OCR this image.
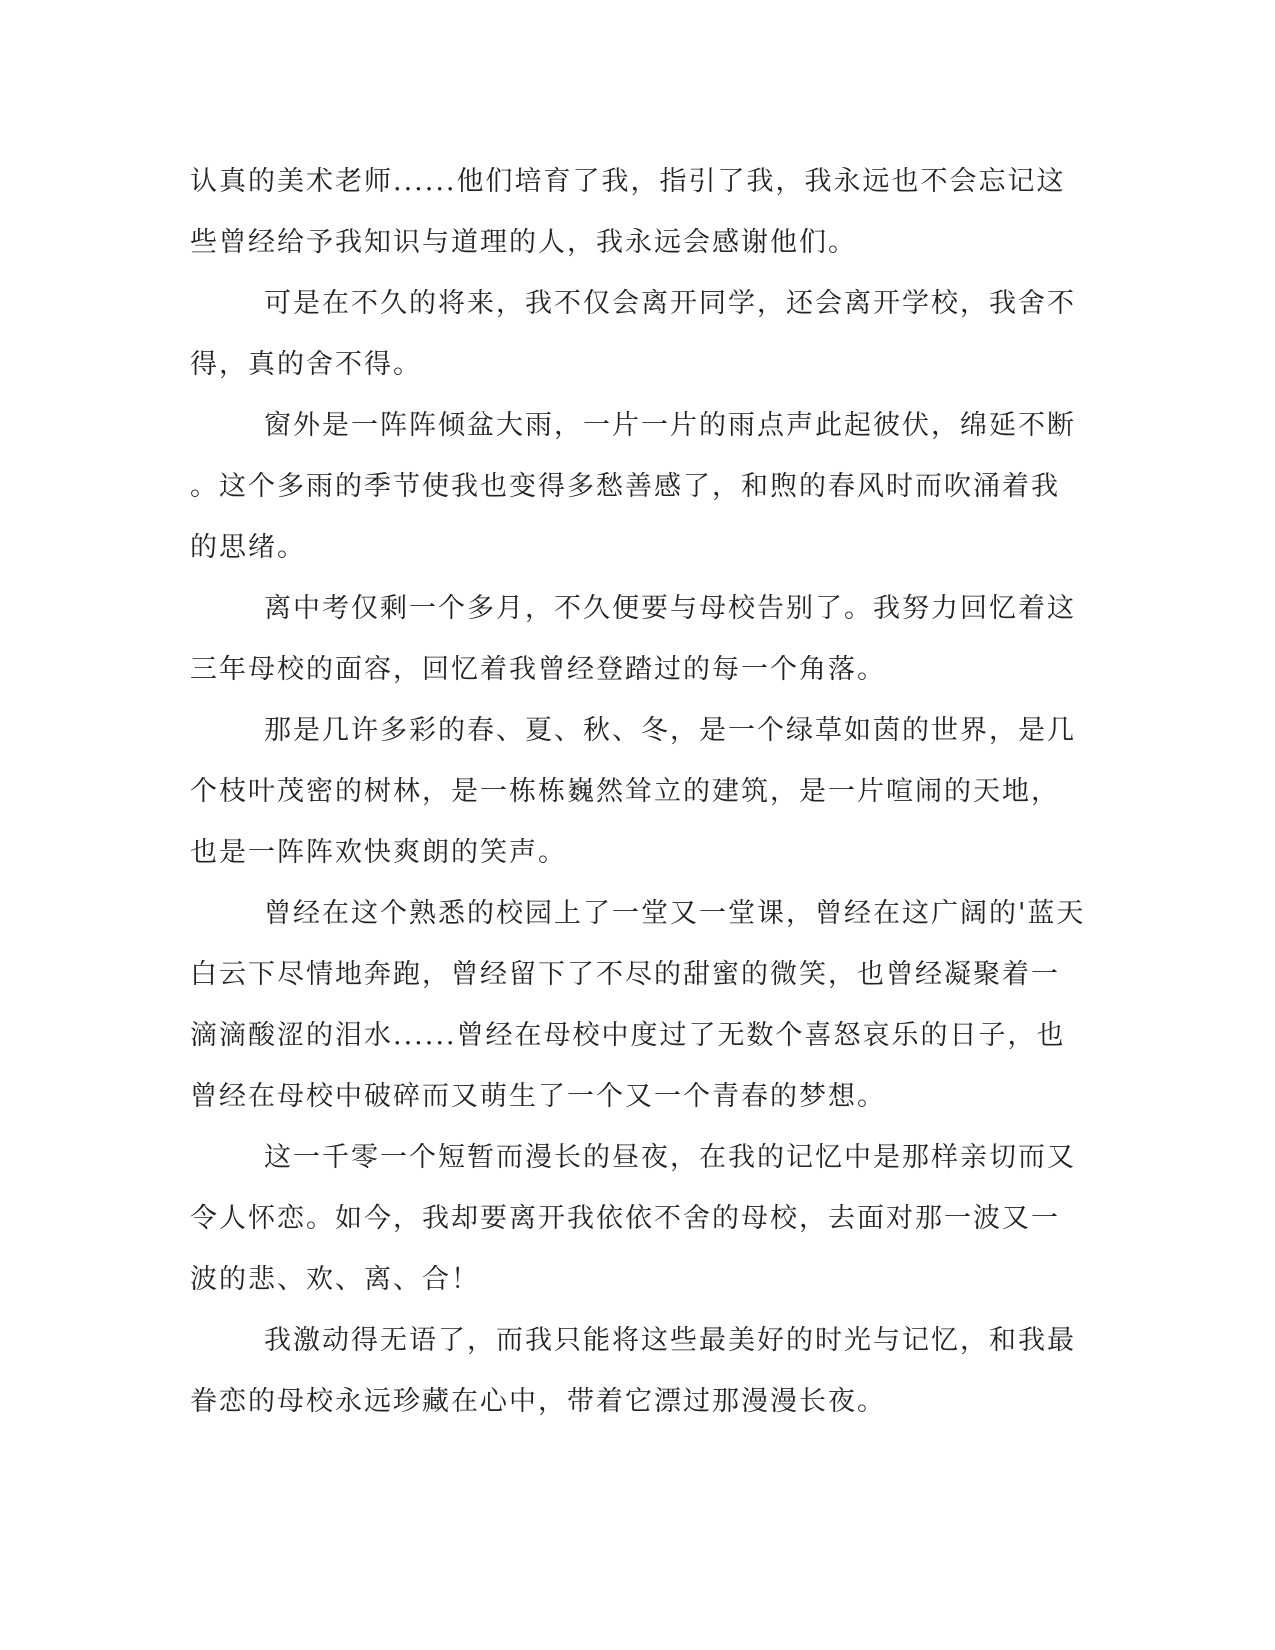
认真的美术老师......他们培育了我，指引了我，我永远也不会忘记这

些曾经给予我知识与道理的人，我永远会感谢他们。

可是在不久的将来，我不仅会离开同学，还会离开学校，我舍不

得，真的舍不得。

窗外是一阵阵倾盆大雨，一片一片的雨点声此起彼伏，绵延不断

。这个多雨的季节使我也变得多愁善感了，和煦的春风时而吹涌着我

的思绪。

离中考仅剩一个多月，不久便要与母校告别了。我努力回忆着这

三年母校的面容，回忆着我曾经登踏过的每一个角落。

那是几许多彩的春、夏、秋、冬，是一个绿草如茵的世界，是几

个枝叶茂密的树林，是一栋栋巍然耸立的建筑，是一片喧闹的天地，

也是一阵阵欢快爽朗的笑声。

曾经在这个熟悉的校园上了一堂又一堂课，曾经在这广阔的'蓝天

白云下尽情地奔跑，曾经留下了不尽的甜蜜的微笑，也曾经凝聚着一

滴滴酸涩的泪水......曾经在母校中度过了无数个喜怒哀乐的日子，也

曾经在母校中破碎而又萌生了一个又一个青春的梦想。

这一千零一个短暂而漫长的昼夜，在我的记忆中是那样亲切而又

令人怀恋。如今，我却要离开我依依不舍的母校，去面对那一波又一

波的悲、欢、离、合！

我激动得无语了，而我只能将这些最美好的时光与记忆，和我最

眷恋的母校永远珍藏在心中，带着它漂过那漫漫长夜。
